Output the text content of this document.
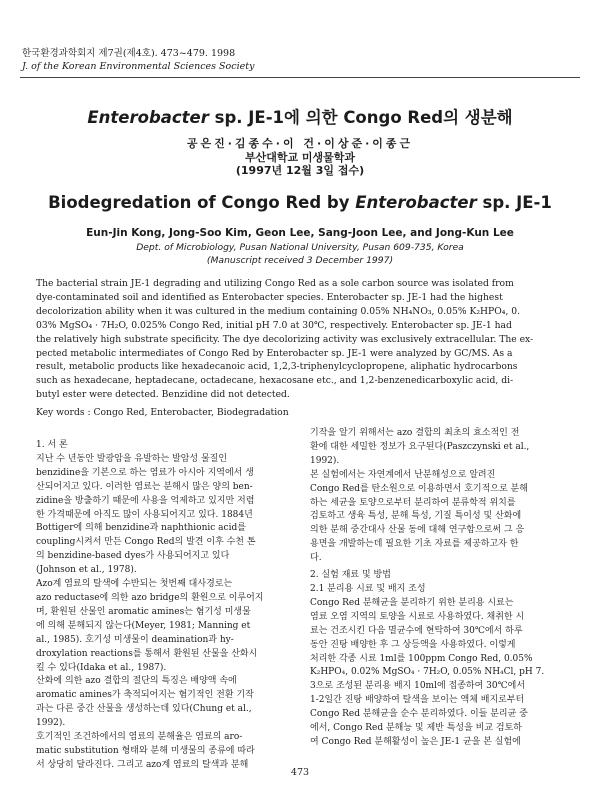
한국환경과학회지 제7권(제4호). 473~479. 1998
J. of the Korean Environmental Sciences Society
Enterobacter sp. JE-1에 의한 Congo Red의 생분해
공은진·김종수·이 건·이상준·이종근
부산대학교 미생물학과
(1997년 12월 3일 접수)
Biodegredation of Congo Red by Enterobacter sp. JE-1
Eun-Jin Kong, Jong-Soo Kim, Geon Lee, Sang-Joon Lee, and Jong-Kun Lee
Dept. of Microbiology, Pusan National University, Pusan 609-735, Korea
(Manuscript received 3 December 1997)
The bacterial strain JE-1 degrading and utilizing Congo Red as a sole carbon source was isolated from
dye-contaminated soil and identified as Enterobacter species. Enterobacter sp. JE-1 had the highest
decolorization ability when it was cultured in the medium containing 0.05% NH₄NO₃, 0.05% K₂HPO₄, 0.
03% MgSO₄ · 7H₂O, 0.025% Congo Red, initial pH 7.0 at 30℃, respectively. Enterobacter sp. JE-1 had
the relatively high substrate specificity. The dye decolorizing activity was exclusively extracellular. The ex-
pected metabolic intermediates of Congo Red by Enterobacter sp. JE-1 were analyzed by GC/MS. As a
result, metabolic products like hexadecanoic acid, 1,2,3-triphenylcyclopropene, aliphatic hydrocarbons
such as hexadecane, heptadecane, octadecane, hexacosane etc., and 1,2-benzenedicarboxylic acid, di-
butyl ester were detected. Benzidine did not detected.
Key words : Congo Red, Enterobacter, Biodegradation
1. 서 론
지난 수 년동안 발광암을 유발하는 발암성 물질인
benzidine을 기본으로 하는 염료가 아시아 지역에서 생
산되어지고 있다. 이러한 염료는 분해시 많은 양의 ben-
zidine을 방출하기 때문에 사용을 억제하고 있지만 저렴
한 가격때문에 아직도 많이 사용되어지고 있다. 1884년
Bottiger에 의해 benzidine과 naphthionic acid를
coupling시켜서 만든 Congo Red의 발견 이후 수천 톤
의 benzidine-based dyes가 사용되어지고 있다
(Johnson et al., 1978).
Azo계 염료의 탈색에 수반되는 첫번째 대사경로는
azo reductase에 의한 azo bridge의 환원으로 이루어지
며, 환원된 산물인 aromatic amines는 혐기성 미생물
에 의해 분해되지 않는다(Meyer, 1981; Manning et
al., 1985). 호기성 미생물이 deamination과 hy-
droxylation reactions를 통해서 환원된 산물을 산화시
킬 수 있다(Idaka et al., 1987).
산화에 의한 azo 결합의 절단의 특징은 배양액 속에
aromatic amines가 축적되어지는 혐기적인 전환 기작
과는 다른 중간 산물을 생성하는데 있다(Chung et al.,
1992).
호기적인 조건하에서의 염료의 분해율은 염료의 aro-
matic substitution 형태와 분해 미생물의 종류에 따라
서 상당히 달라진다. 그리고 azo계 염료의 탈색과 분해
기작을 알기 위해서는 azo 결합의 최초의 효소적인 전
환에 대한 세밀한 정보가 요구된다(Paszczynski et al.,
1992).
본 실험에서는 자연계에서 난분해성으로 알려진
Congo Red를 탄소원으로 이용하면서 호기적으로 분해
하는 세균을 토양으로부터 분리하여 분류학적 위치를
검토하고 생육 특성, 분해 특성, 기질 특이성 및 산화에
의한 분해 중간대사 산물 동에 대해 연구함으로써 그 응
용면을 개발하는데 필요한 기초 자료를 제공하고자 한
다.
2. 실험 재료 및 방법
2.1 분리용 시료 및 배지 조성
Congo Red 분해균을 분리하기 위한 분리용 시료는
염료 오염 지역의 토양을 시료로 사용하였다. 채취한 시
료는 건조시킨 다음 멸균수에 현탁하여 30℃에서 하루
동안 진탕 배양한 후 그 상등액을 사용하였다. 이렇게
처리한 각종 시료 1ml를 100ppm Congo Red, 0.05%
K₂HPO₄, 0.02% MgSO₄ · 7H₂O, 0.05% NH₄Cl, pH 7.
3으로 조성된 분리용 배지 10ml에 접종하여 30℃에서
1-2일간 진탕 배양하여 탈색을 보이는 액체 배지로부터
Congo Red 분해균을 순수 분리하였다. 이들 분리균 중
에서, Congo Red 분해능 및 제반 특성을 비교 검토하
여 Congo Red 분해활성이 높은 JE-1 균을 본 실험에
473
